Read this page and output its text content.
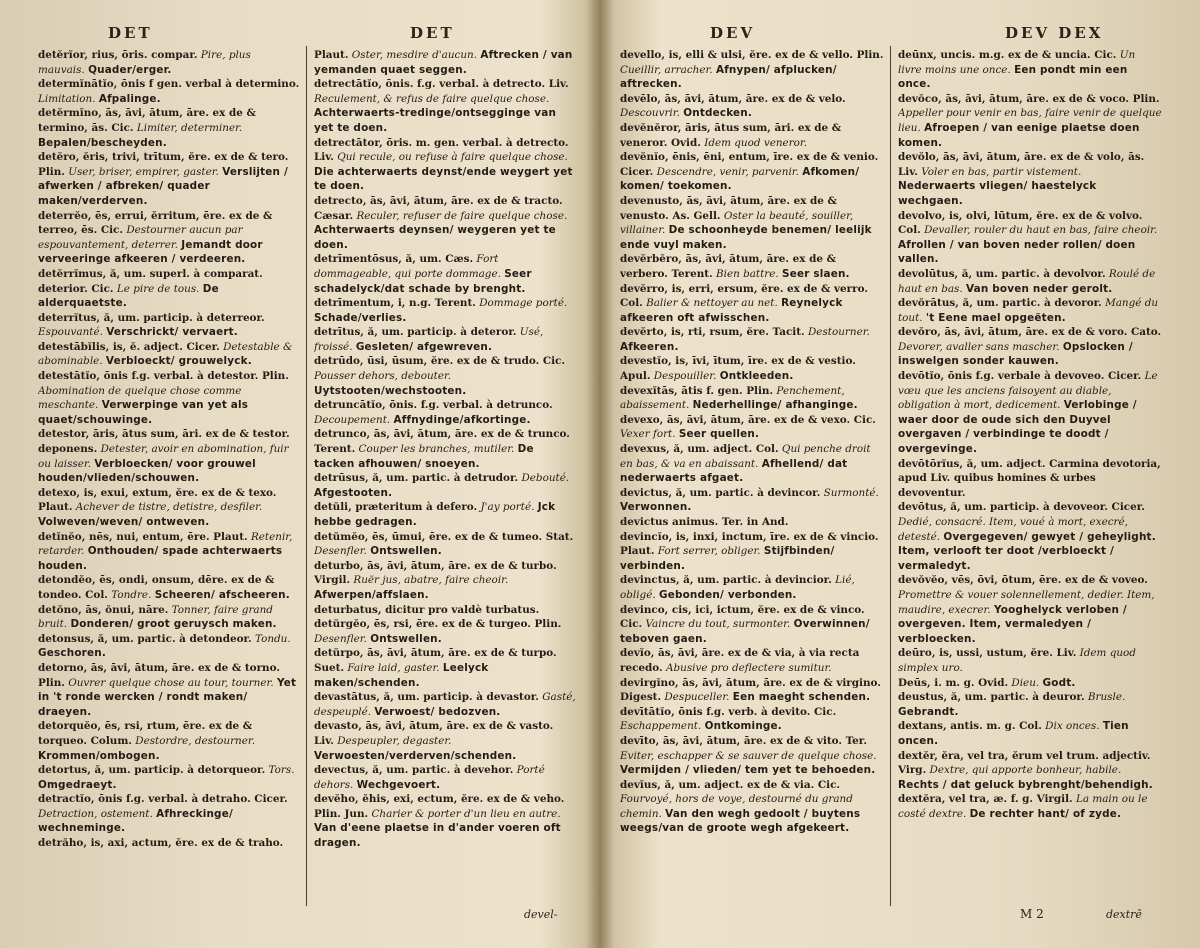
DET	DET
detĕrĭor, rius, ōris. compar. Pire, plus mauvais. Quader/erger.
determĭnātĭo, ōnis f gen. verbal à determino. Limitation. Afpalinge.
detĕrmĭno, ās, āvi, ātum, āre. ex de & termino, ās. Cic. Limiter, determiner. Bepalen/bescheyden.
detĕro, ĕris, trivi, trītum, ĕre. ex de & tero. Plin. User, briser, empirer, gaster. Verslijten / afwerken / afbreken/ quader maken/verderven.
deterrĕo, ēs, errui, ĕrritum, ēre. ex de & terreo, ēs. Cic. Destourner aucun par espouvantement, deterrer. Jemandt door verveeringe afkeeren / verdeeren.
detĕrrĭmus, ă, um. superl. à comparat. deterior. Cic. Le pire de tous. De alderquaetste.
deterrĭtus, ă, um. particip. à deterreor. Espouvanté. Verschrickt/ vervaert.
detestābĭlis, is, ĕ. adject. Cicer. Detestable & abominable. Verbloeckt/ grouwelyck.
detestātĭo, ōnis f.g. verbal. à detestor. Plin. Abomination de quelque chose comme meschante. Verwerpinge van yet als quaet/schouwinge.
detestor, āris, ātus sum, āri. ex de & testor. deponens. Detester, avoir en abomination, fuir ou laisser. Verbloecken/ voor grouwel houden/vlieden/schouwen.
detexo, is, exui, extum, ĕre. ex de & texo. Plaut. Achever de tistre, detistre, desfiler. Volweven/weven/ ontweven.
detĭnĕo, nēs, nui, entum, ēre. Plaut. Retenir, retarder. Onthouden/ spade achterwaerts houden.
detondĕo, ēs, ondi, onsum, dēre. ex de & tondeo. Col. Tondre. Scheeren/ afscheeren.
detŏno, ās, ŏnui, nāre. Tonner, faire grand bruit. Donderen/ groot geruysch maken.
detonsus, ă, um. partic. à detondeor. Tondu. Geschoren.
detorno, ās, āvi, ātum, āre. ex de & torno. Plin. Ouvrer quelque chose au tour, tourner. Yet in 't ronde wercken / rondt maken/ draeyen.
detorquĕo, ēs, rsi, rtum, ēre. ex de & torqueo. Colum. Destordre, destourner. Krommen/ombogen.
detortus, ă, um. particip. à detorqueor. Tors. Omgedraeyt.
detractĭo, ōnis f.g. verbal. à detraho. Cicer. Detraction, ostement. Afhreckinge/ wechneminge.
detrăho, is, axi, actum, ĕre. ex de & traho.
Plaut. Oster, mesdire d'aucun. Aftrecken / van yemanden quaet seggen.
detrectātĭo, ōnis. f.g. verbal. à detrecto. Liv. Reculement, & refus de faire quelque chose. Achterwaerts-tredinge/ontsegginge van yet te doen.
detrectātor, ōris. m. gen. verbal. à detrecto. Liv. Qui recule, ou refuse à faire quelque chose. Die achterwaerts deynst/ende weygert yet te doen.
detrecto, ās, āvi, ātum, āre. ex de & tracto. Cæsar. Reculer, refuser de faire quelque chose. Achterwaerts deynsen/ weygeren yet te doen.
detrīmentōsus, ă, um. Cæs. Fort dommageable, qui porte dommage. Seer schadelyck/dat schade by brenght.
detrīmentum, i, n.g. Terent. Dommage porté. Schade/verlies.
detrītus, ă, um. particip. à deteror. Usé, froissé. Gesleten/ afgewreven.
detrūdo, ūsi, ūsum, ĕre. ex de & trudo. Cic. Pousser dehors, debouter. Uytstooten/wechstooten.
detruncātĭo, ōnis. f.g. verbal. à detrunco. Decoupement. Affnydinge/afkortinge.
detrunco, ās, āvi, ātum, āre. ex de & trunco. Terent. Couper les branches, mutiler. De tacken afhouwen/ snoeyen.
detrūsus, ă, um. partic. à detrudor. Debouté. Afgestooten.
detŭli, præteritum à defero. J'ay porté. Jck hebbe gedragen.
detŭmĕo, ēs, ūmui, ēre. ex de & tumeo. Stat. Desenfler. Ontswellen.
deturbo, ās, āvi, ātum, āre. ex de & turbo. Virgil. Ruër jus, abatre, faire cheoir. Afwerpen/affslaen.
deturbatus, dicitur pro valdè turbatus.
detŭrgĕo, ēs, rsi, ēre. ex de & turgeo. Plin. Desenfler. Ontswellen.
detŭrpo, ās, āvi, ātum, āre. ex de & turpo. Suet. Faire laid, gaster. Leelyck maken/schenden.
devastātus, ă, um. particip. à devastor. Gasté, despeuplé. Verwoest/ bedozven.
devasto, ās, āvi, ātum, āre. ex de & vasto. Liv. Despeupler, degaster. Verwoesten/verderven/schenden.
devectus, ă, um. partic. à devehor. Porté dehors. Wechgevoert.
devĕho, ĕhis, exi, ectum, ĕre. ex de & veho. Plin. Jun. Charier & porter d'un lieu en autre. Van d'eene plaetse in d'ander voeren oft dragen.
devel-
DEV	DEV DEX
devello, is, elli & ulsi, ĕre. ex de & vello. Plin. Cueillir, arracher. Afnypen/ afplucken/ aftrecken.
devēlo, ās, āvi, ātum, āre. ex de & velo. Descouvrir. Ontdecken.
devĕnĕror, āris, ātus sum, āri. ex de & veneror. Ovid. Idem quod veneror.
devĕnĭo, ēnis, ēni, entum, īre. ex de & venio. Cicer. Descendre, venir, parvenir. Afkomen/ komen/ toekomen.
devenusto, ās, āvi, ātum, āre. ex de & venusto. As. Gell. Oster la beauté, souiller, villainer. De schoonheyde benemen/ leelijk ende vuyl maken.
devĕrbĕro, ās, āvi, ātum, āre. ex de & verbero. Terent. Bien battre. Seer slaen.
devĕrro, is, erri, ersum, ĕre. ex de & verro. Col. Balier & nettoyer au net. Reynelyck afkeeren oft afwisschen.
devĕrto, is, rti, rsum, ĕre. Tacit. Destourner. Afkeeren.
devestĭo, is, īvi, ītum, īre. ex de & vestio. Apul. Despouiller. Ontkleeden.
devexĭtās, ātis f. gen. Plin. Penchement, abaissement. Nederhellinge/ afhanginge.
devexo, ās, āvi, ātum, āre. ex de & vexo. Cic. Vexer fort. Seer quellen.
devexus, ă, um. adject. Col. Qui penche droit en bas, & va en abaissant. Afhellend/ dat nederwaerts afgaet.
devictus, ă, um. partic. à devincor. Surmonté. Verwonnen.
devictus animus. Ter. in And.
devincĭo, is, inxi, inctum, īre. ex de & vincio. Plaut. Fort serrer, obliger. Stijfbinden/ verbinden.
devinctus, ă, um. partic. à devincior. Lié, obligé. Gebonden/ verbonden.
devinco, cis, ici, ictum, ĕre. ex de & vinco. Cic. Vaincre du tout, surmonter. Overwinnen/ teboven gaen.
devĭo, ās, āvi, āre. ex de & via, à via recta recedo. Abusive pro deflectere sumitur.
devirgĭno, ās, āvi, ātum, āre. ex de & virgino. Digest. Despuceller. Een maeght schenden.
devītātĭo, ōnis f.g. verb. à devito. Cic. Eschappement. Ontkominge.
devīto, ās, āvi, ātum, āre. ex de & vito. Ter. Eviter, eschapper & se sauver de quelque chose. Vermijden / vlieden/ tem yet te behoeden.
devĭus, ă, um. adject. ex de & via. Cic. Fourvoyé, hors de voye, destourné du grand chemin. Van den wegh gedoolt / buytens weegs/van de groote wegh afgekeert.
deūnx, uncis. m.g. ex de & uncia. Cic. Un livre moins une once. Een pondt min een once.
devŏco, ās, āvi, ātum, āre. ex de & voco. Plin. Appeller pour venir en bas, faire venir de quelque lieu. Afroepen / van eenige plaetse doen komen.
devŏlo, ās, āvi, ātum, āre. ex de & volo, ās. Liv. Voler en bas, partir vistement. Nederwaerts vliegen/ haestelyck wechgaen.
devolvo, is, olvi, lūtum, ĕre. ex de & volvo. Col. Devaller, rouler du haut en bas, faire cheoir. Afrollen / van boven neder rollen/ doen vallen.
devolūtus, ă, um. partic. à devolvor. Roulé de haut en bas. Van boven neder gerolt.
devŏrātus, ă, um. partic. à devoror. Mangé du tout. 't Eene mael opgeëten.
devŏro, ās, āvi, ātum, āre. ex de & voro. Cato. Devorer, avaller sans mascher. Opslocken / inswelgen sonder kauwen.
devōtĭo, ōnis f.g. verbale à devoveo. Cicer. Le vœu que les anciens faisoyent au diable, obligation à mort, dedicement. Verlobinge / waer door de oude sich den Duyvel overgaven / verbindinge te doodt / overgevinge.
devōtōrĭus, ă, um. adject. Carmina devotoria, apud Liv. quibus homines & urbes devoventur.
devōtus, ă, um. particip. à devoveor. Cicer. Dedié, consacré. Item, voué à mort, execré, detesté. Overgegeven/ gewyet / geheylight. Item, verlooft ter doot /verbloeckt / vermaledyt.
devŏvĕo, vēs, ōvi, ōtum, ēre. ex de & voveo. Promettre & vouer solennellement, dedier. Item, maudire, execrer. Yooghelyck verloben / overgeven. Item, vermaledyen / verbloecken.
deūro, is, ussi, ustum, ĕre. Liv. Idem quod simplex uro.
Deūs, i. m. g. Ovid. Dieu. Godt.
deustus, ă, um. partic. à deuror. Brusle. Gebrandt.
dextans, antis. m. g. Col. Dix onces. Tien oncen.
dextĕr, ĕra, vel tra, ĕrum vel trum. adjectiv. Virg. Dextre, qui apporte bonheur, habile. Rechts / dat geluck bybrenght/behendigh.
dextĕra, vel tra, æ. f. g. Virgil. La main ou le costé dextre. De rechter hant/ of zyde.
M 2	dextrē
